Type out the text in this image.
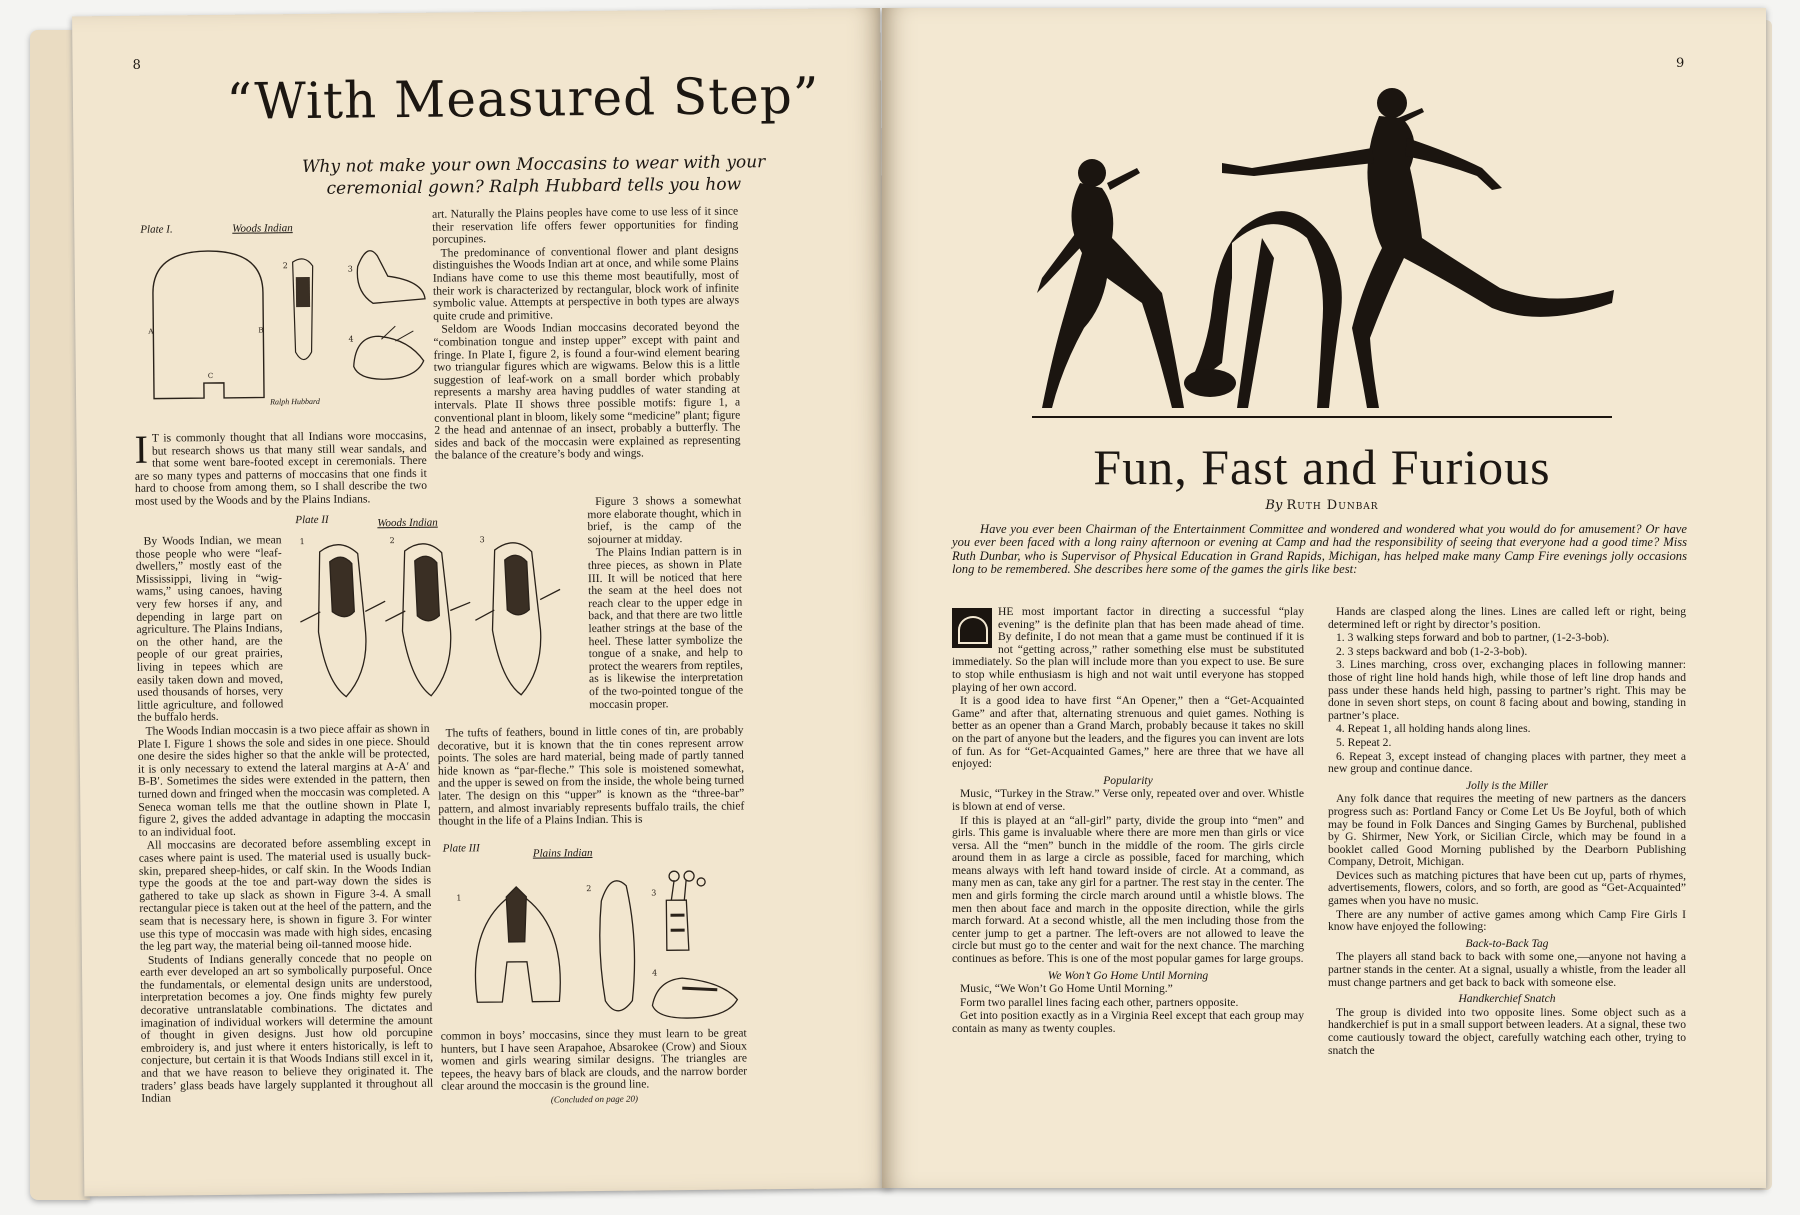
8
“With Measured Step”
Why not make your own Moccasins to wear with your
ceremonial gown? Ralph Hubbard tells you how
A	B
C
2	3
4
Plate I.	Woods Indian
Ralph Hubbard

I T is commonly thought that all Indians wore moccasins, but research shows us that many still wear sandals, and that some went bare-footed except in ceremonials. There are so many types and patterns of moccasins that one finds it hard to choose from among them, so I shall describe the two most used by the Woods and by the Plains Indians.

By Woods Indian, we mean those people who were “leaf-dwellers,” mostly east of the Mississippi, living in “wig-wams,” using canoes, having very few horses if any, and depending in large part on agriculture. The Plains Indians, on the other hand, are the people of our great prairies, living in tepees which are easily taken down and moved, used thousands of horses, very little agriculture, and followed the buffalo herds.

The Woods Indian moccasin is a two piece affair as shown in Plate I. Figure 1 shows the sole and sides in one piece. Should one desire the sides higher so that the ankle will be protected, it is only necessary to extend the lateral margins at A-A′ and B-B′. Sometimes the sides were extended in the pattern, then turned down and fringed when the moccasin was completed. A Seneca woman tells me that the outline shown in Plate I, figure 2, gives the added advantage in adapting the moccasin to an individual foot.

All moccasins are decorated before assembling except in cases where paint is used. The material used is usually buck-skin, prepared sheep-hides, or calf skin. In the Woods Indian type the goods at the toe and part-way down the sides is gathered to take up slack as shown in Figure 3-4. A small rectangular piece is taken out at the heel of the pattern, and the seam that is necessary here, is shown in figure 3. For winter use this type of moccasin was made with high sides, encasing the leg part way, the material being oil-tanned moose hide.

Students of Indians generally concede that no people on earth ever developed an art so symbolically purposeful. Once the fundamentals, or elemental design units are understood, interpretation becomes a joy. One finds mighty few purely decorative untranslatable combinations. The dictates and imagination of individual workers will determine the amount of thought in given designs. Just how old porcupine embroidery is, and just where it enters historically, is left to conjecture, but certain it is that Woods Indians still excel in it, and that we have reason to believe they originated it. The traders’ glass beads have largely supplanted it throughout all Indian

Plate II	Woods Indian
1	2	3

art. Naturally the Plains peoples have come to use less of it since their reservation life offers fewer opportunities for finding porcupines.

The predominance of conventional flower and plant designs distinguishes the Woods Indian art at once, and while some Plains Indians have come to use this theme most beautifully, most of their work is characterized by rectangular, block work of infinite symbolic value. Attempts at perspective in both types are always quite crude and primitive.

Seldom are Woods Indian moccasins decorated beyond the “combination tongue and instep upper” except with paint and fringe. In Plate I, figure 2, is found a four-wind element bearing two triangular figures which are wigwams. Below this is a little suggestion of leaf-work on a small border which probably represents a marshy area having puddles of water standing at intervals. Plate II shows three possible motifs: figure 1, a conventional plant in bloom, likely some “medicine” plant; figure 2 the head and antennae of an insect, probably a butterfly. The sides and back of the moccasin were explained as representing the balance of the creature’s body and wings.

Figure 3 shows a somewhat more elaborate thought, which in brief, is the camp of the sojourner at midday.

The Plains Indian pattern is in three pieces, as shown in Plate III. It will be noticed that here the seam at the heel does not reach clear to the upper edge in back, and that there are two little leather strings at the base of the heel. These latter symbolize the tongue of a snake, and help to protect the wearers from reptiles, as is likewise the interpretation of the two-pointed tongue of the moccasin proper.

The tufts of feathers, bound in little cones of tin, are probably decorative, but it is known that the tin cones represent arrow points. The soles are hard material, being made of partly tanned hide known as “par-fleche.” This sole is moistened somewhat, and the upper is sewed on from the inside, the whole being turned later. The design on this “upper” is known as the “three-bar” pattern, and almost invariably represents buffalo trails, the chief thought in the life of a Plains Indian. This is

Plate III	Plains Indian
1
2	3
4

common in boys’ moccasins, since they must learn to be great hunters, but I have seen Arapahoe, Absarokee (Crow) and Sioux women and girls wearing similar designs. The triangles are tepees, the heavy bars of black are clouds, and the narrow border clear around the moccasin is the ground line.

(Concluded on page 20)

9
Fun, Fast and Furious
By Ruth Dunbar
Have you ever been Chairman of the Entertainment Committee and wondered and wondered what you would do for amusement? Or have you ever been faced with a long rainy afternoon or evening at Camp and had the responsibility of seeing that everyone had a good time? Miss Ruth Dunbar, who is Supervisor of Physical Education in Grand Rapids, Michigan, has helped make many Camp Fire evenings jolly occasions long to be remembered. She describes here some of the games the girls like best:

HE most important factor in directing a successful “play evening” is the definite plan that has been made ahead of time. By definite, I do not mean that a game must be continued if it is not “getting across,” rather something else must be substituted immediately. So the plan will include more than you expect to use. Be sure to stop while enthusiasm is high and not wait until everyone has stopped playing of her own accord.

It is a good idea to have first “An Opener,” then a “Get-Acquainted Game” and after that, alternating strenuous and quiet games. Nothing is better as an opener than a Grand March, probably because it takes no skill on the part of anyone but the leaders, and the figures you can invent are lots of fun. As for “Get-Acquainted Games,” here are three that we have all enjoyed:

Popularity

Music, “Turkey in the Straw.” Verse only, repeated over and over. Whistle is blown at end of verse.

If this is played at an “all-girl” party, divide the group into “men” and girls. This game is invaluable where there are more men than girls or vice versa. All the “men” bunch in the middle of the room. The girls circle around them in as large a circle as possible, faced for marching, which means always with left hand toward inside of circle. At a command, as many men as can, take any girl for a partner. The rest stay in the center. The men and girls forming the circle march around until a whistle blows. The men then about face and march in the opposite direction, while the girls march forward. At a second whistle, all the men including those from the center jump to get a partner. The left-overs are not allowed to leave the circle but must go to the center and wait for the next chance. The marching continues as before. This is one of the most popular games for large groups.

We Won’t Go Home Until Morning

Music, “We Won’t Go Home Until Morning.”

Form two parallel lines facing each other, partners opposite.

Get into position exactly as in a Virginia Reel except that each group may contain as many as twenty couples.

Hands are clasped along the lines. Lines are called left or right, being determined left or right by director’s position.

1. 3 walking steps forward and bob to partner, (1-2-3-bob).

2. 3 steps backward and bob (1-2-3-bob).

3. Lines marching, cross over, exchanging places in following manner: those of right line hold hands high, while those of left line drop hands and pass under these hands held high, passing to partner’s right. This may be done in seven short steps, on count 8 facing about and bowing, standing in partner’s place.

4. Repeat 1, all holding hands along lines.

5. Repeat 2.

6. Repeat 3, except instead of changing places with partner, they meet a new group and continue dance.

Jolly is the Miller

Any folk dance that requires the meeting of new partners as the dancers progress such as: Portland Fancy or Come Let Us Be Joyful, both of which may be found in Folk Dances and Singing Games by Burchenal, published by G. Shirmer, New York, or Sicilian Circle, which may be found in a booklet called Good Morning published by the Dearborn Publishing Company, Detroit, Michigan.

Devices such as matching pictures that have been cut up, parts of rhymes, advertisements, flowers, colors, and so forth, are good as “Get-Acquainted” games when you have no music.

There are any number of active games among which Camp Fire Girls I know have enjoyed the following:

Back-to-Back Tag

The players all stand back to back with some one,—anyone not having a partner stands in the center. At a signal, usually a whistle, from the leader all must change partners and get back to back with someone else.

Handkerchief Snatch

The group is divided into two opposite lines. Some object such as a handkerchief is put in a small support between leaders. At a signal, these two come cautiously toward the object, carefully watching each other, trying to snatch the
